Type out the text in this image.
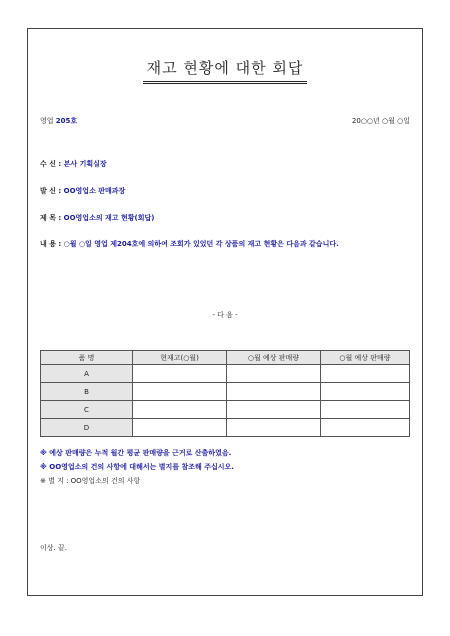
재고 현황에 대한 회답
영업 205호	20○○년 ○월 ○일
수 신 : 본사 기획실장
발 신 : OO영업소 판매과장
제 목 : OO영업소의 재고 현황(회답)
내 용 : ○월 ○일 영업 제204호에 의하여 조회가 있었던 각 상품의 재고 현황은 다음과 같습니다.
- 다 음 -
품 명	현재고(○월)	○월 예상 판매량	○월 예상 판매량
A			
B			
C			
D			
※ 예상 판매량은 누적 월간 평균 판매량을 근거로 산출하였음.
※ OO영업소의 건의 사항에 대해서는 별지를 참조해 주십시오.
※ 별 지 : OO영업소의 건의 사항
이상. 끝.
